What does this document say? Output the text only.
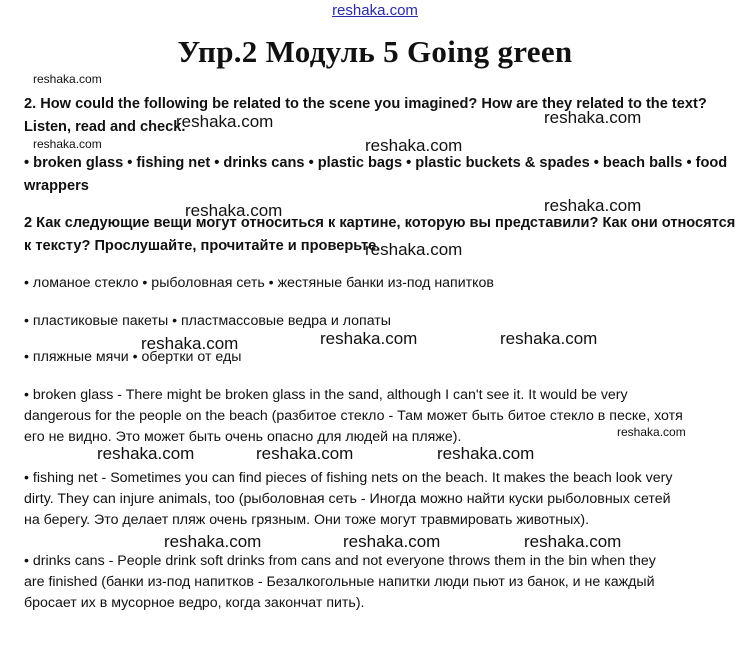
reshaka.com
Упр.2 Модуль 5 Going green
2. How could the following be related to the scene you imagined? How are they related to the text?
Listen, read and check.
• broken glass • fishing net • drinks cans • plastic bags • plastic buckets & spades • beach balls • food
wrappers
2 Как следующие вещи могут относиться к картине, которую вы представили? Как они относятся
к тексту? Прослушайте, прочитайте и проверьте.
• ломаное стекло • рыболовная сеть • жестяные банки из-под напитков
• пластиковые пакеты • пластмассовые ведра и лопаты
• пляжные мячи • обертки от еды
• broken glass - There might be broken glass in the sand, although I can't see it. It would be very
dangerous for the people on the beach (разбитое стекло - Там может быть битое стекло в песке, хотя
его не видно. Это может быть очень опасно для людей на пляже).
• fishing net - Sometimes you can find pieces of fishing nets on the beach. It makes the beach look very
dirty. They can injure animals, too (рыболовная сеть - Иногда можно найти куски рыболовных сетей
на берегу. Это делает пляж очень грязным. Они тоже могут травмировать животных).
• drinks cans - People drink soft drinks from cans and not everyone throws them in the bin when they
are finished (банки из-под напитков - Безалкогольные напитки люди пьют из банок, и не каждый
бросает их в мусорное ведро, когда закончат пить).
reshaka.com
reshaka.com
reshaka.com
reshaka.com	reshaka.com
reshaka.com
reshaka.com
reshaka.com
reshaka.com
reshaka.com	reshaka.com
reshaka.com
reshaka.com	reshaka.com	reshaka.com
reshaka.com	reshaka.com	reshaka.com
